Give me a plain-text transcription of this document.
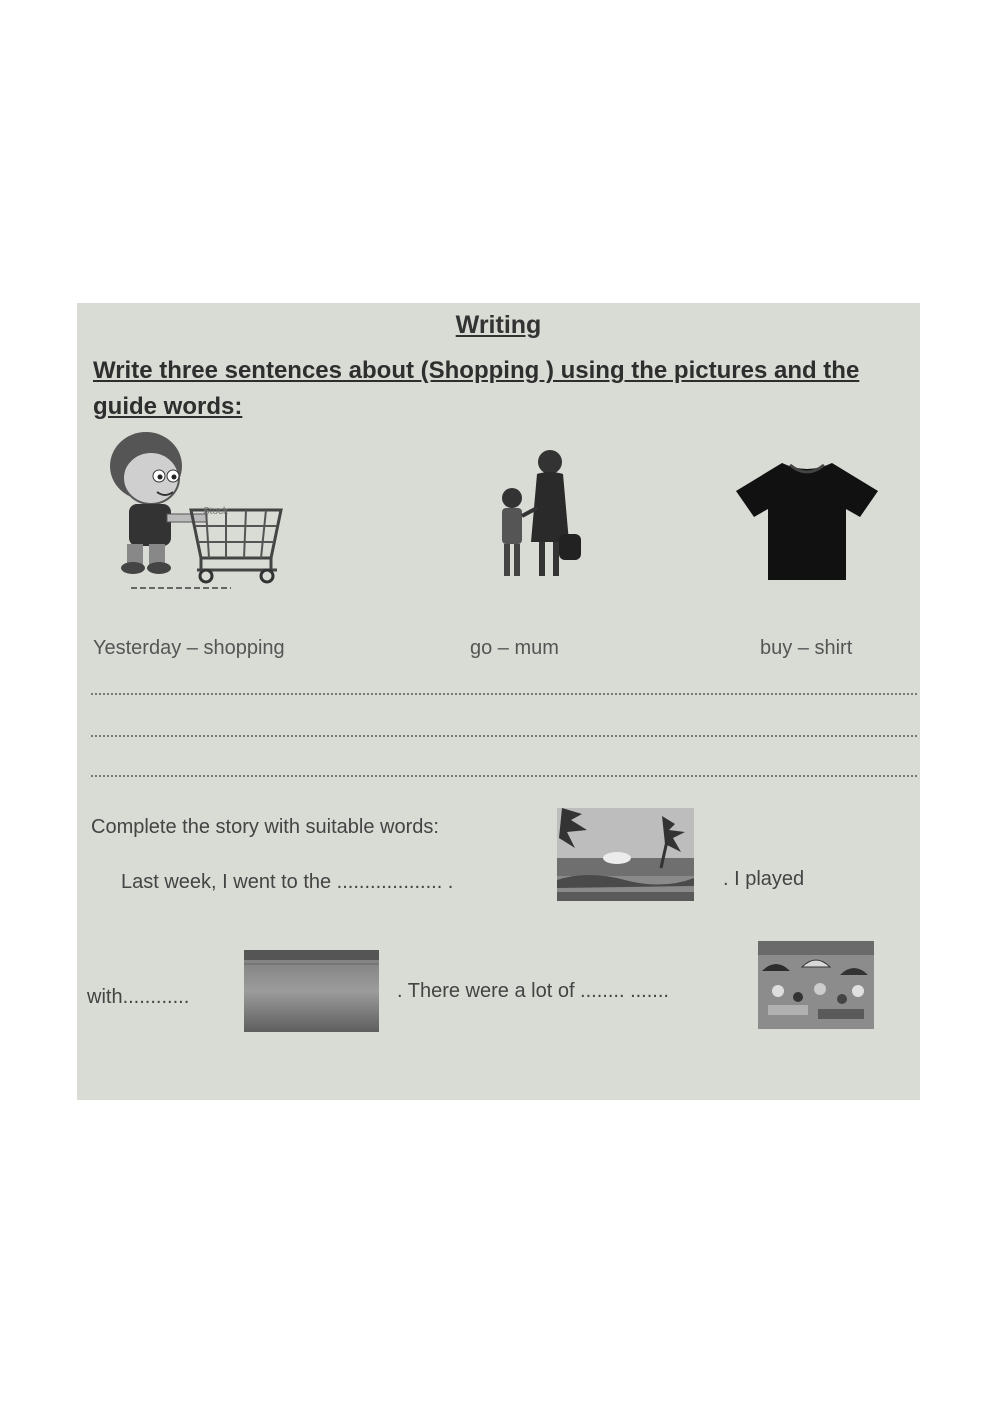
Writing
Write three sentences about (Shopping ) using the pictures and the guide words:
Stock
Yesterday – shopping	go – mum	buy – shirt
Complete the story with suitable words:
Last week, I went to the ................... .	. I played
with............	. There were a lot of ........ .......
